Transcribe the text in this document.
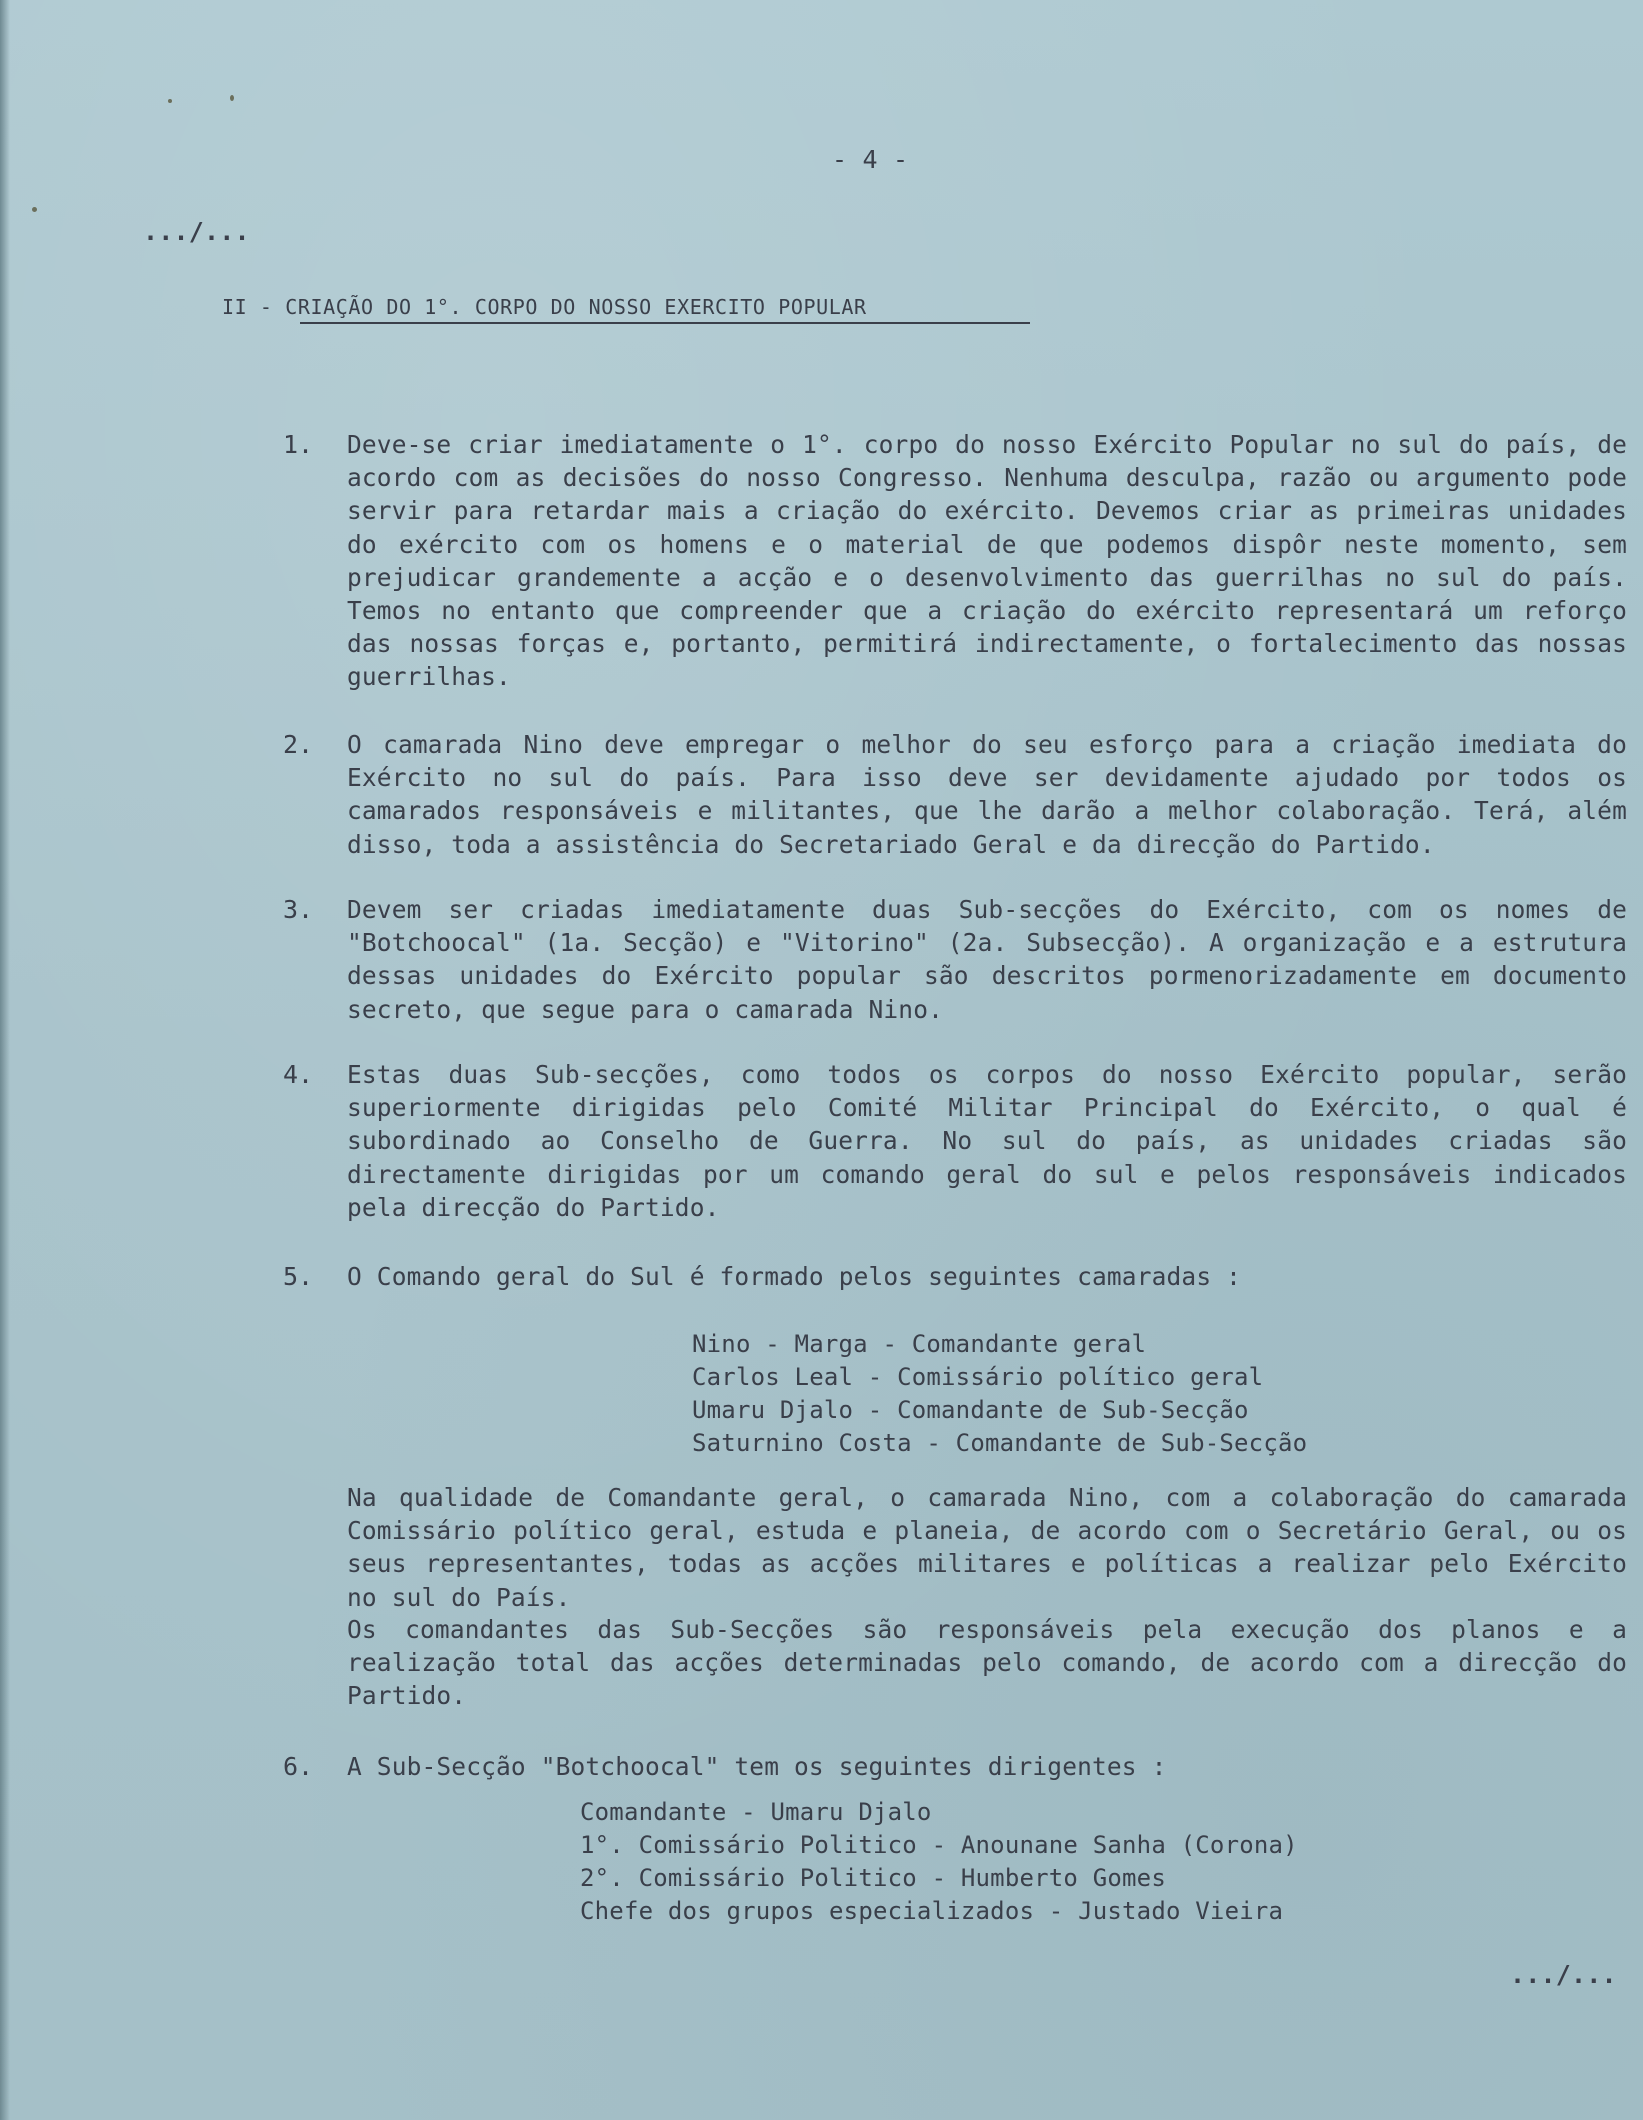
- 4 -
.../...
II - CRIAÇÃO DO 1°. CORPO DO NOSSO EXERCITO POPULAR
1. Deve-se criar imediatamente o 1°. corpo do nosso Exército Popular no sul do país, de acordo com as decisões do nosso Congresso. Nenhuma desculpa, razão ou argumento pode servir para retardar mais a criação do exército. Devemos criar as primeiras unidades do exército com os homens e o material de que podemos dispôr neste momento, sem prejudicar grandemente a acção e o desenvolvimento das guerrilhas no sul do país. Temos no entanto que compreender que a criação do exército representará um reforço das nossas forças e, portanto, permitirá indirectamente, o fortalecimento das nossas guerrilhas.

2. O camarada Nino deve empregar o melhor do seu esforço para a criação imediata do Exército no sul do país. Para isso deve ser devidamente ajudado por todos os camarados responsáveis e militantes, que lhe darão a melhor colaboração. Terá, além disso, toda a assistência do Secretariado Geral e da direcção do Partido.

3. Devem ser criadas imediatamente duas Sub-secções do Exército, com os nomes de "Botchoocal" (1a. Secção) e "Vitorino" (2a. Subsecção). A organização e a estrutura dessas unidades do Exército popular são descritos pormenorizadamente em documento secreto, que segue para o camarada Nino.

4. Estas duas Sub-secções, como todos os corpos do nosso Exército popular, serão superiormente dirigidas pelo Comité Militar Principal do Exército, o qual é subordinado ao Conselho de Guerra. No sul do país, as unidades criadas são directamente dirigidas por um comando geral do sul e pelos responsáveis indicados pela direcção do Partido.

5. O Comando geral do Sul é formado pelos seguintes camaradas :

Nino - Marga - Comandante geral
Carlos Leal - Comissário político geral
Umaru Djalo - Comandante de Sub-Secção
Saturnino Costa - Comandante de Sub-Secção

Na qualidade de Comandante geral, o camarada Nino, com a colaboração do camarada Comissário político geral, estuda e planeia, de acordo com o Secretário Geral, ou os seus representantes, todas as acções militares e políticas a realizar pelo Exército no sul do País.

Os comandantes das Sub-Secções são responsáveis pela execução dos planos e a realização total das acções determinadas pelo comando, de acordo com a direcção do Partido.

6. A Sub-Secção "Botchoocal" tem os seguintes dirigentes :

Comandante - Umaru Djalo
1°. Comissário Politico - Anounane Sanha (Corona)
2°. Comissário Politico - Humberto Gomes
Chefe dos grupos especializados - Justado Vieira
.../...
